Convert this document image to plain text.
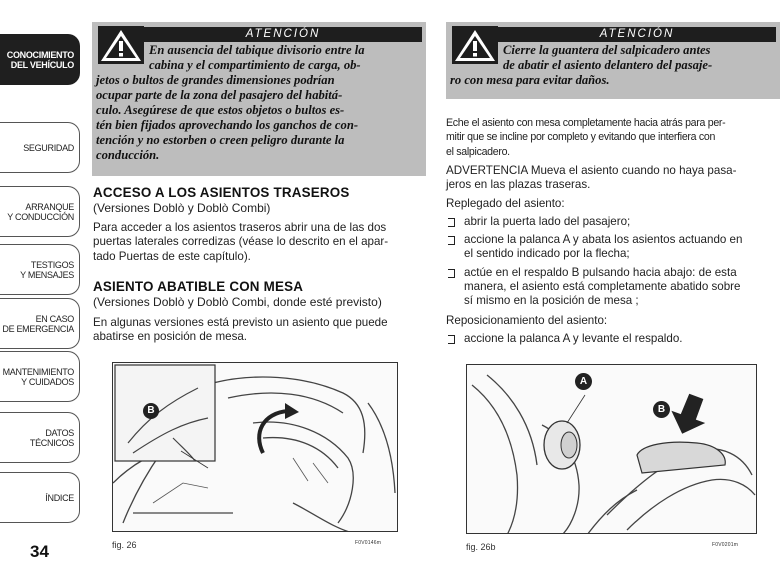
CONOCIMIENTO
DEL VEHÍCULO
SEGURIDAD
ARRANQUE
Y CONDUCCIÓN
TESTIGOS
Y MENSAJES
EN CASO
DE EMERGENCIA
MANTENIMIENTO
Y CUIDADOS
DATOS TÉCNICOS
ÍNDICE
34
ATENCIÓN
En ausencia del tabique divisorio entre la
cabina y el compartimiento de carga, ob-
jetos o bultos de grandes dimensiones podrían
ocupar parte de la zona del pasajero del habitá-
culo. Asegúrese de que estos objetos o bultos es-
tén bien fijados aprovechando los ganchos de con-
tención y no estorben o creen peligro durante la
conducción.
ACCESO A LOS ASIENTOS TRASEROS
(Versiones Doblò y Doblò Combi)
Para acceder a los asientos traseros abrir una de las dos
puertas laterales corredizas (véase lo descrito en el apar-
tado Puertas de este capítulo).
ASIENTO ABATIBLE CON MESA
(Versiones Doblò y Doblò Combi, donde esté previsto)
En algunas versiones está previsto un asiento que puede
abatirse en posición de mesa.
B
fig. 26	F0V0146m
ATENCIÓN
Cierre la guantera del salpicadero antes
de abatir el asiento delantero del pasaje-
ro con mesa para evitar daños.
Eche el asiento con mesa completamente hacia atrás para per-
mitir que se incline por completo y evitando que interfiera con
el salpicadero.
ADVERTENCIA Mueva el asiento cuando no haya pasa-
jeros en las plazas traseras.
Replegado del asiento:
abrir la puerta lado del pasajero;
accione la palanca A y abata los asientos actuando en
el sentido indicado por la flecha;
actúe en el respaldo B pulsando hacia abajo: de esta
manera, el asiento está completamente abatido sobre
sí mismo en la posición de mesa ;
Reposicionamiento del asiento:
accione la palanca A y levante el respaldo.
A
B
fig. 26b	F0V0201m
